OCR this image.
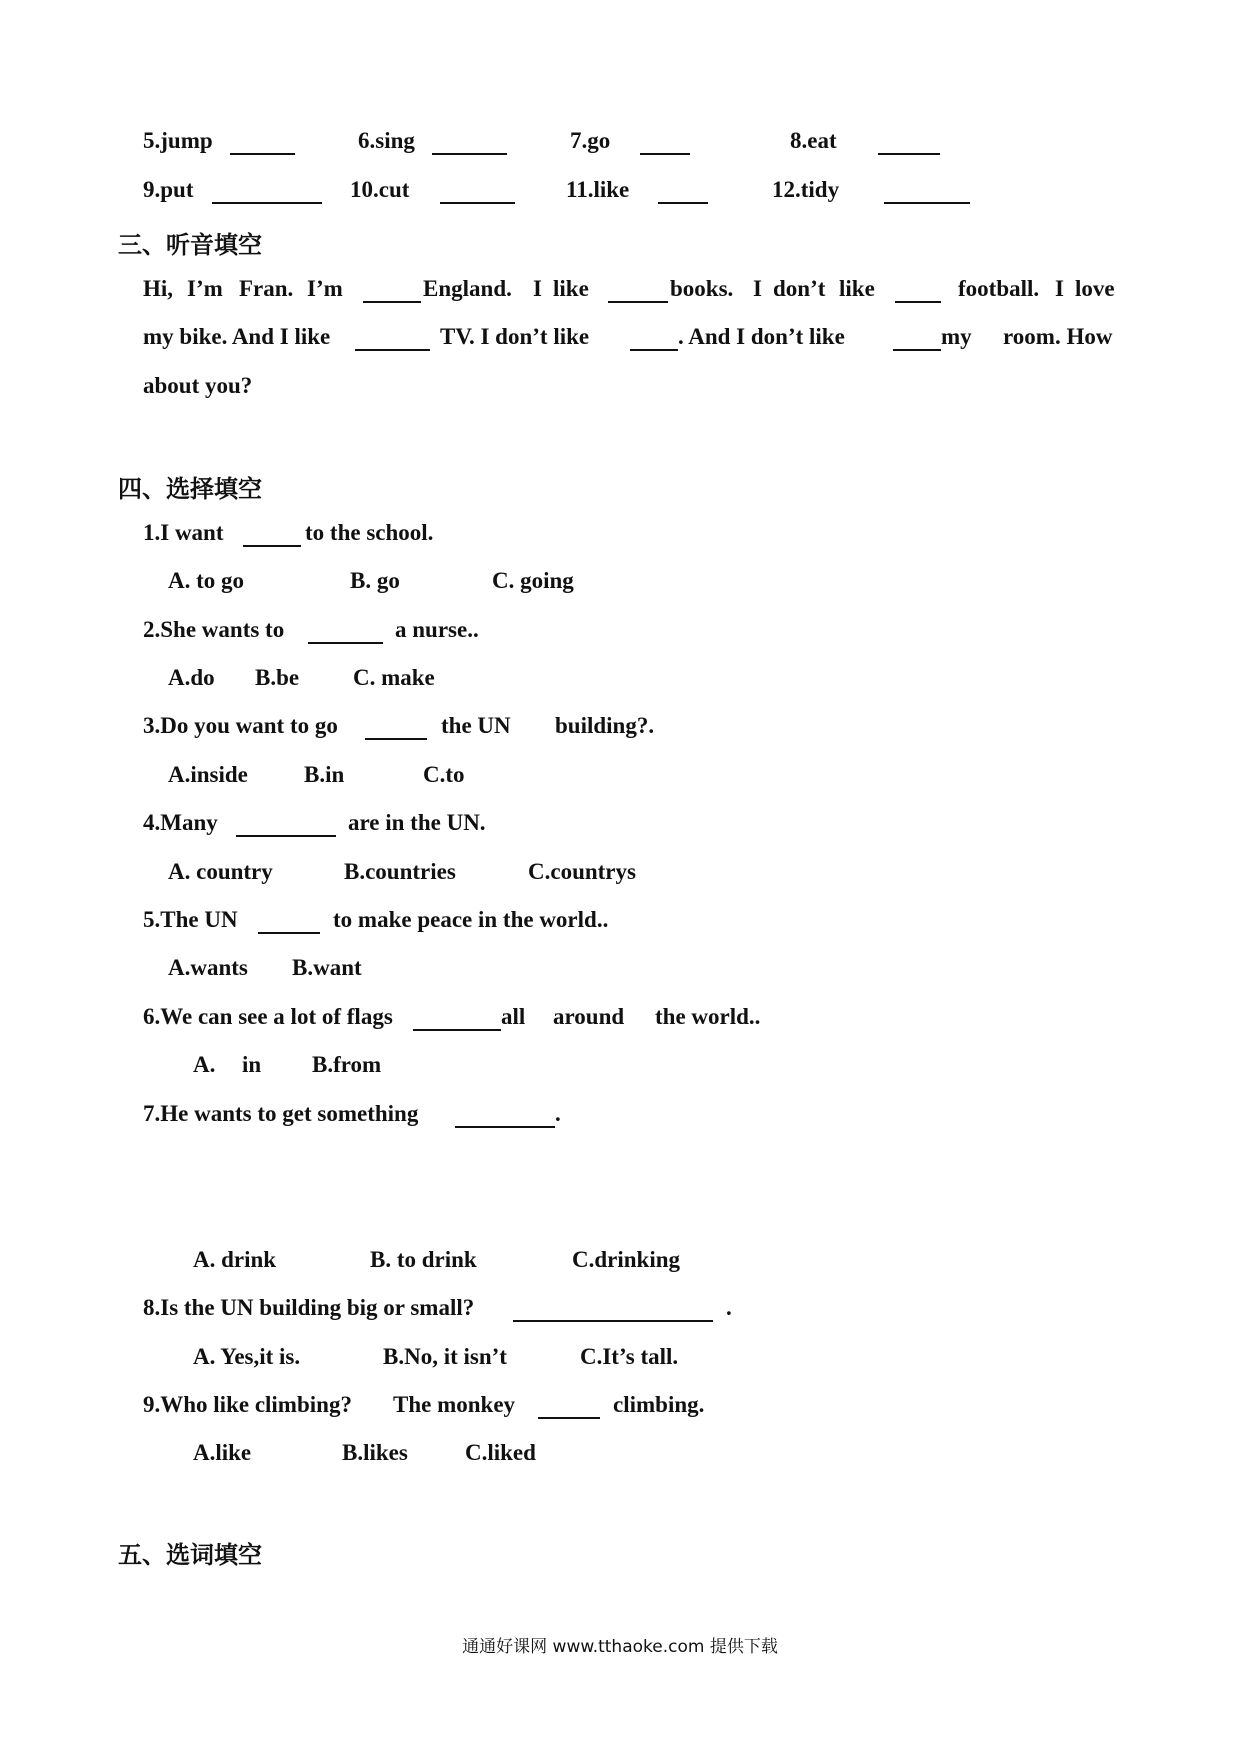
5.jump	6.sing	7.go	8.eat
9.put	10.cut	11.like	12.tidy
三、听音填空
Hi, I’m Fran. I’m	England. I like	books. I don’t like	football. I love
my bike. And I like	TV. I don’t like	. And I don’t like	my room. How
about you?
四、选择填空
1.I want	to the school.
A. to go	B. go	C. going
2.She wants to	a nurse..
A.do B.be C. make
3.Do you want to go	the UN building?.
A.inside B.in	C.to
4.Many	are in the UN.
A. country	B.countries	C.countrys
5.The UN	to make peace in the world..
A.wants B.want
6.We can see a lot of flags	all around the world..
A. in B.from
7.He wants to get something	.
A. drink	B. to drink	C.drinking
8.Is the UN building big or small?	.
A. Yes,it is.	B.No, it isn’t	C.It’s tall.
9.Who like climbing? The monkey	climbing.
A.like	B.likes C.liked
五、选词填空
通通好课网 www.tthaoke.com 提供下载
